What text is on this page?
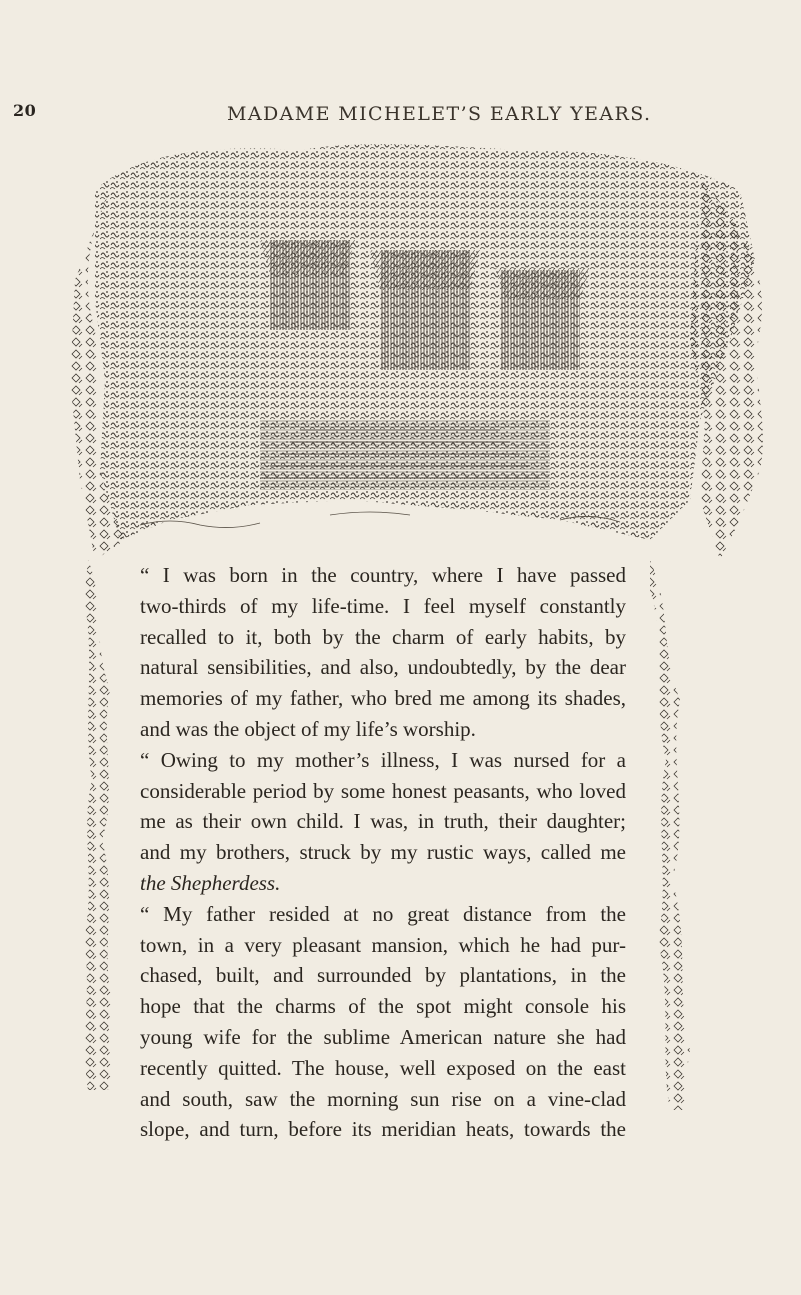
20	MADAME MICHELET’S EARLY YEARS.
“ I was born in the country, where I have passed
two-thirds of my life-time. I feel myself constantly
recalled to it, both by the charm of early habits, by
natural sensibilities, and also, undoubtedly, by the dear
memories of my father, who bred me among its shades,
and was the object of my life’s worship.
“ Owing to my mother’s illness, I was nursed for a
considerable period by some honest peasants, who loved
me as their own child. I was, in truth, their daughter;
and my brothers, struck by my rustic ways, called me
the Shepherdess.
“ My father resided at no great distance from the
town, in a very pleasant mansion, which he had pur-
chased, built, and surrounded by plantations, in the
hope that the charms of the spot might console his
young wife for the sublime American nature she had
recently quitted. The house, well exposed on the east
and south, saw the morning sun rise on a vine-clad
slope, and turn, before its meridian heats, towards the
